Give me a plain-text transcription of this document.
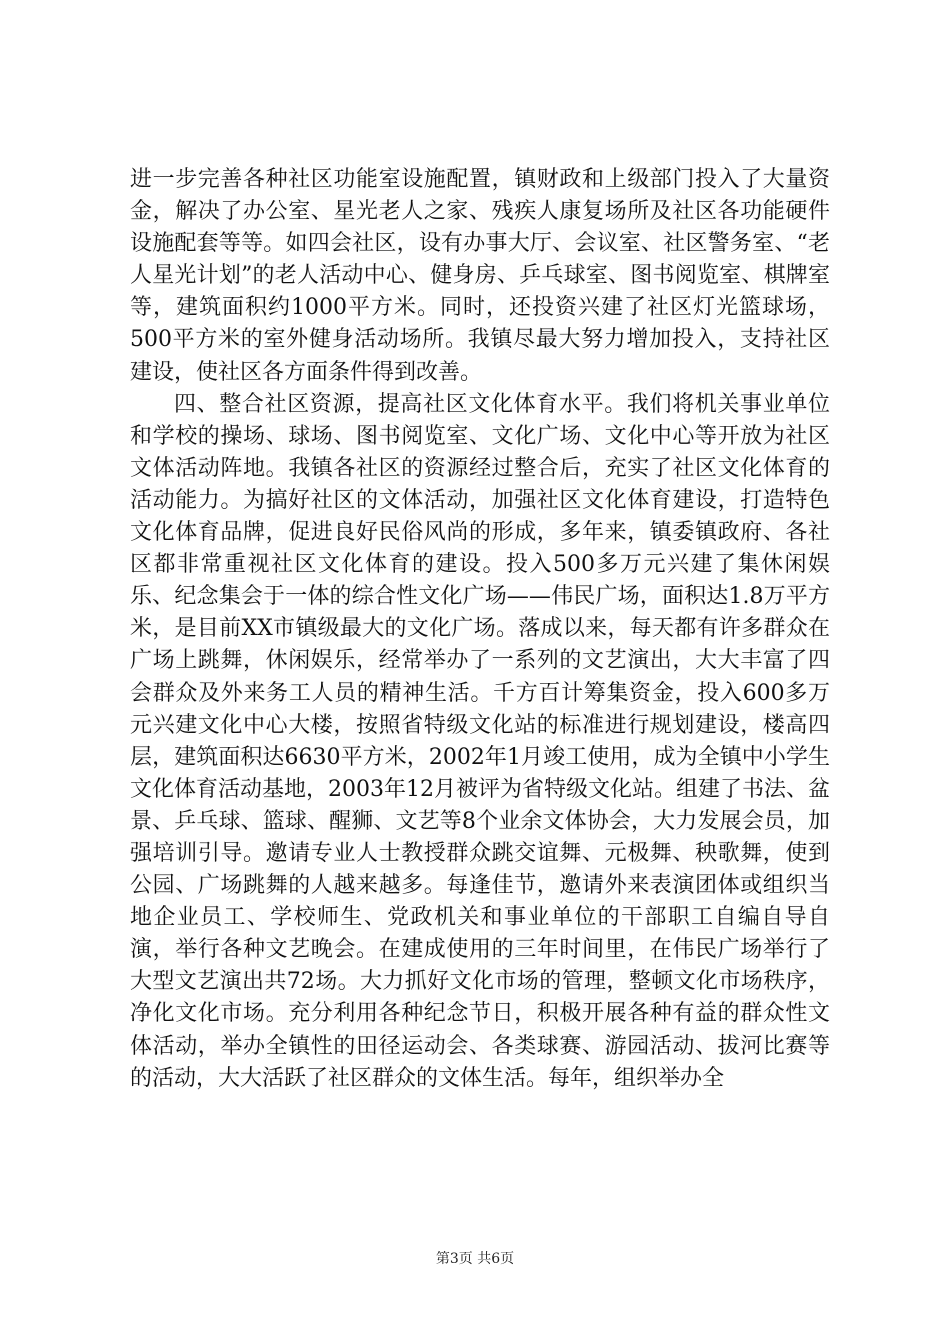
进一步完善各种社区功能室设施配置，镇财政和上级部门投入了大量资金，解决了办公室、星光老人之家、残疾人康复场所及社区各功能硬件设施配套等等。如四会社区，设有办事大厅、会议室、社区警务室、“老人星光计划”的老人活动中心、健身房、乒乓球室、图书阅览室、棋牌室等，建筑面积约1000平方米。同时，还投资兴建了社区灯光篮球场，500平方米的室外健身活动场所。我镇尽最大努力增加投入，支持社区建设，使社区各方面条件得到改善。

四、整合社区资源，提高社区文化体育水平。我们将机关事业单位和学校的操场、球场、图书阅览室、文化广场、文化中心等开放为社区文体活动阵地。我镇各社区的资源经过整合后，充实了社区文化体育的活动能力。为搞好社区的文体活动，加强社区文化体育建设，打造特色文化体育品牌，促进良好民俗风尚的形成，多年来，镇委镇政府、各社区都非常重视社区文化体育的建设。投入500多万元兴建了集休闲娱乐、纪念集会于一体的综合性文化广场——伟民广场，面积达1.8万平方米，是目前XX市镇级最大的文化广场。落成以来，每天都有许多群众在广场上跳舞，休闲娱乐，经常举办了一系列的文艺演出，大大丰富了四会群众及外来务工人员的精神生活。千方百计筹集资金，投入600多万元兴建文化中心大楼，按照省特级文化站的标准进行规划建设，楼高四层，建筑面积达6630平方米，2002年1月竣工使用，成为全镇中小学生文化体育活动基地，2003年12月被评为省特级文化站。组建了书法、盆景、乒乓球、篮球、醒狮、文艺等8个业余文体协会，大力发展会员，加强培训引导。邀请专业人士教授群众跳交谊舞、元极舞、秧歌舞，使到公园、广场跳舞的人越来越多。每逢佳节，邀请外来表演团体或组织当地企业员工、学校师生、党政机关和事业单位的干部职工自编自导自演，举行各种文艺晚会。在建成使用的三年时间里，在伟民广场举行了大型文艺演出共72场。大力抓好文化市场的管理，整顿文化市场秩序，净化文化市场。充分利用各种纪念节日，积极开展各种有益的群众性文体活动，举办全镇性的田径运动会、各类球赛、游园活动、拔河比赛等的活动，大大活跃了社区群众的文体生活。每年，组织举办全

第3页 共6页
